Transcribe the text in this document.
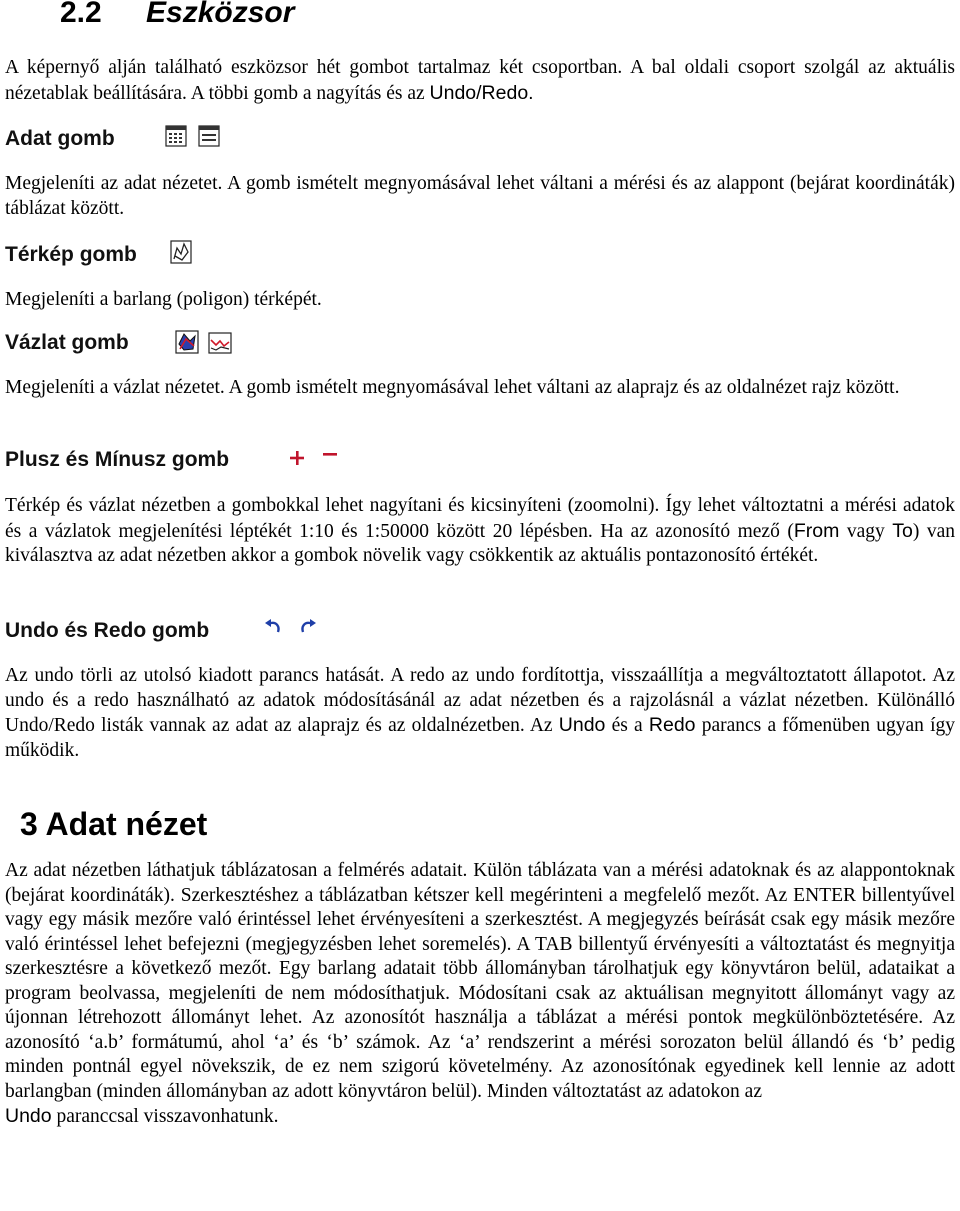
2.2 Eszközsor

A képernyő alján található eszközsor hét gombot tartalmaz két csoportban. A bal oldali csoport szolgál az aktuális nézetablak beállítására. A többi gomb a nagyítás és az Undo/Redo.

Adat gomb

Megjeleníti az adat nézetet. A gomb ismételt megnyomásával lehet váltani a mérési és az alappont (bejárat koordináták) táblázat között.

Térkép gomb

Megjeleníti a barlang (poligon) térképét.

Vázlat gomb

Megjeleníti a vázlat nézetet. A gomb ismételt megnyomásával lehet váltani az alaprajz és az oldalnézet rajz között.

Plusz és Mínusz gomb

Térkép és vázlat nézetben a gombokkal lehet nagyítani és kicsinyíteni (zoomolni). Így lehet változtatni a mérési adatok és a vázlatok megjelenítési léptékét 1:10 és 1:50000 között 20 lépésben. Ha az azonosító mező (From vagy To) van kiválasztva az adat nézetben akkor a gombok növelik vagy csökkentik az aktuális pontazonosító értékét.

Undo és Redo gomb

Az undo törli az utolsó kiadott parancs hatását. A redo az undo fordítottja, visszaállítja a megváltoztatott állapotot. Az undo és a redo használható az adatok módosításánál az adat nézetben és a rajzolásnál a vázlat nézetben. Különálló Undo/Redo listák vannak az adat az alaprajz és az oldalnézetben. Az Undo és a Redo parancs a főmenüben ugyan így működik.

3 Adat nézet

Az adat nézetben láthatjuk táblázatosan a felmérés adatait. Külön táblázata van a mérési adatoknak és az alappontoknak (bejárat koordináták). Szerkesztéshez a táblázatban kétszer kell megérinteni a megfelelő mezőt. Az ENTER billentyűvel vagy egy másik mezőre való érintéssel lehet érvényesíteni a szerkesztést. A megjegyzés beírását csak egy másik mezőre való érintéssel lehet befejezni (megjegyzésben lehet soremelés). A TAB billentyű érvényesíti a változtatást és megnyitja szerkesztésre a következő mezőt. Egy barlang adatait több állományban tárolhatjuk egy könyvtáron belül, adataikat a program beolvassa, megjeleníti de nem módosíthatjuk. Módosítani csak az aktuálisan megnyitott állományt vagy az újonnan létrehozott állományt lehet. Az azonosítót használja a táblázat a mérési pontok megkülönböztetésére. Az azonosító ‘a.b’ formátumú, ahol ‘a’ és ‘b’ számok. Az ‘a’ rendszerint a mérési sorozaton belül állandó és ‘b’ pedig minden pontnál egyel növekszik, de ez nem szigorú követelmény. Az azonosítónak egyedinek kell lennie az adott barlangban (minden állományban az adott könyvtáron belül). Minden változtatást az adatokon az
Undo paranccsal visszavonhatunk.
